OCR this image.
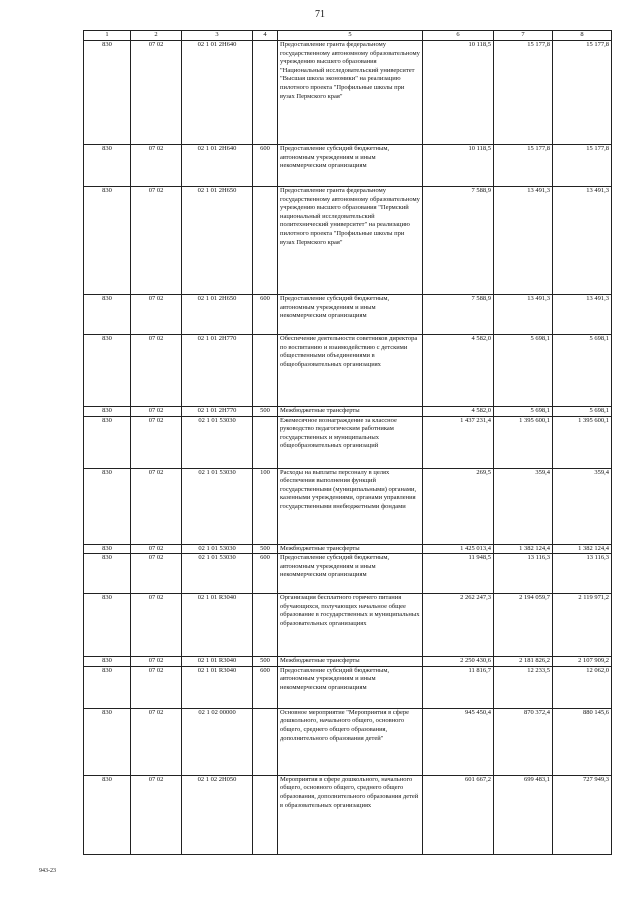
71
1	2	3	4	5	6	7	8
830	07 02	02 1 01 2Н640		Предоставление гранта федеральному государственному автономному образовательному учреждению высшего образования "Национальный исследовательский университет "Высшая школа экономики" на реализацию пилотного проекта "Профильные школы при вузах Пермского края"	10 118,5	15 177,8	15 177,8
830	07 02	02 1 01 2Н640	600	Предоставление субсидий бюджетным, автономным учреждениям и иным некоммерческим организациям	10 118,5	15 177,8	15 177,8
830	07 02	02 1 01 2Н650		Предоставление гранта федеральному государственному автономному образовательному учреждению высшего образования "Пермский национальный исследовательский политехнический университет" на реализацию пилотного проекта "Профильные школы при вузах Пермского края"	7 588,9	13 491,3	13 491,3
830	07 02	02 1 01 2Н650	600	Предоставление субсидий бюджетным, автономным учреждениям и иным некоммерческим организациям	7 588,9	13 491,3	13 491,3
830	07 02	02 1 01 2Н770		Обеспечение деятельности советников директора по воспитанию и взаимодействию с детскими общественными объединениями в общеобразовательных организациях	4 582,0	5 698,1	5 698,1
830	07 02	02 1 01 2Н770	500	Межбюджетные трансферты	4 582,0	5 698,1	5 698,1
830	07 02	02 1 01 53030		Ежемесячное вознаграждение за классное руководство педагогическим работникам государственных и муниципальных общеобразовательных организаций	1 437 231,4	1 395 600,1	1 395 600,1
830	07 02	02 1 01 53030	100	Расходы на выплаты персоналу в целях обеспечения выполнения функций государственными (муниципальными) органами, казенными учреждениями, органами управления государственными внебюджетными фондами	269,5	359,4	359,4
830	07 02	02 1 01 53030	500	Межбюджетные трансферты	1 425 013,4	1 382 124,4	1 382 124,4
830	07 02	02 1 01 53030	600	Предоставление субсидий бюджетным, автономным учреждениям и иным некоммерческим организациям	11 948,5	13 116,3	13 116,3
830	07 02	02 1 01 R3040		Организация бесплатного горячего питания обучающихся, получающих начальное общее образование в государственных и муниципальных образовательных организациях	2 262 247,3	2 194 059,7	2 119 971,2
830	07 02	02 1 01 R3040	500	Межбюджетные трансферты	2 250 430,6	2 181 826,2	2 107 909,2
830	07 02	02 1 01 R3040	600	Предоставление субсидий бюджетным, автономным учреждениям и иным некоммерческим организациям	11 816,7	12 233,5	12 062,0
830	07 02	02 1 02 00000		Основное мероприятие "Мероприятия в сфере дошкольного, начального общего, основного общего, среднего общего образования, дополнительного образования детей"	945 450,4	870 372,4	880 145,6
830	07 02	02 1 02 2Н050		Мероприятия в сфере дошкольного, начального общего, основного общего, среднего общего образования, дополнительного образования детей в образовательных организациях	601 667,2	699 483,1	727 949,3
943-23
